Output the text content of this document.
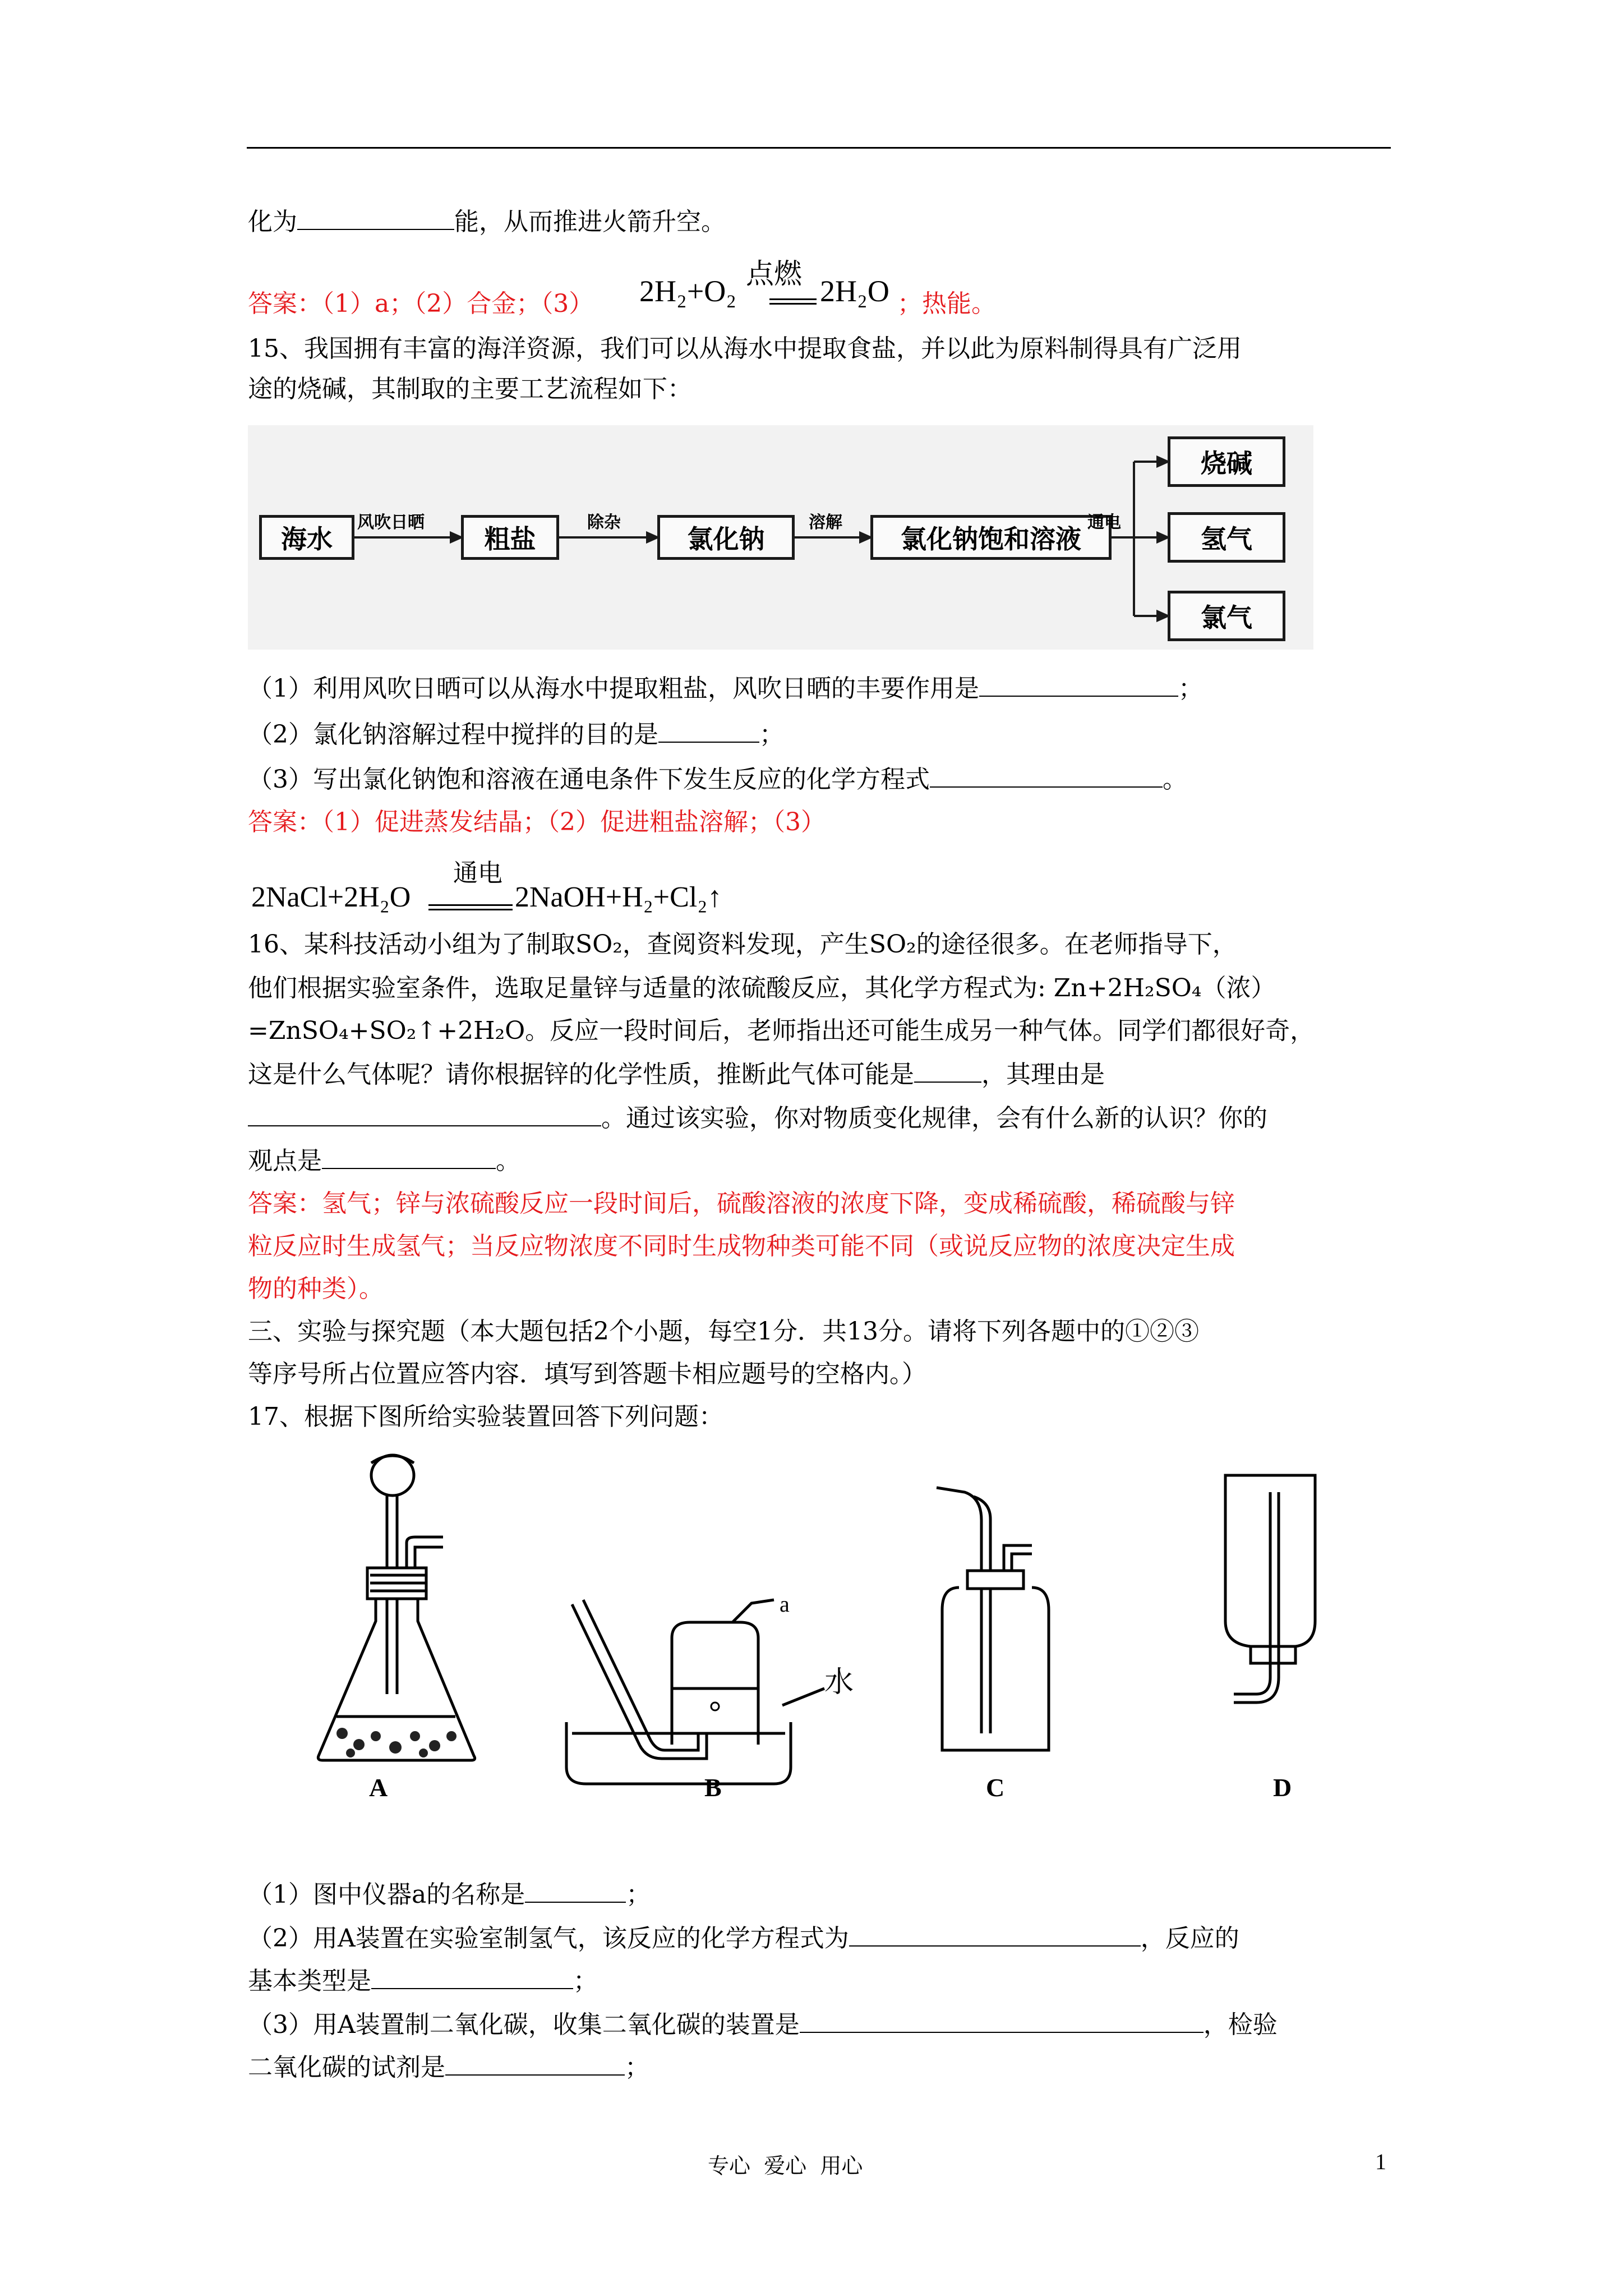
化为	能，从而推进火箭升空。
答案：（1）a；（2）合金；（3）
点燃
2H₂+O₂	2H₂O ；热能。
15、我国拥有丰富的海洋资源，我们可以从海水中提取食盐，并以此为原料制得具有广泛用
途的烧碱，其制取的主要工艺流程如下：
海水	粗盐	氯化钠	氯化钠饱和溶液
烧碱
氢气
氯气
风吹日晒	除杂	溶解	通电
（1）利用风吹日晒可以从海水中提取粗盐，风吹日晒的丰要作用是	；
（2）氯化钠溶解过程中搅拌的目的是	；
（3）写出氯化钠饱和溶液在通电条件下发生反应的化学方程式	。
答案：（1）促进蒸发结晶；（2）促进粗盐溶解；（3）
通电
2NaCl+2H₂O	2NaOH+H₂+Cl₂↑
16、某科技活动小组为了制取SO₂，查阅资料发现，产生SO₂的途径很多。在老师指导下，
他们根据实验室条件，选取足量锌与适量的浓硫酸反应，其化学方程式为: Zn+2H₂SO₄（浓）
=ZnSO₄+SO₂↑+2H₂O。反应一段时间后，老师指出还可能生成另一种气体。同学们都很好奇，
这是什么气体呢？请你根据锌的化学性质，推断此气体可能是	，其理由是
。通过该实验，你对物质变化规律，会有什么新的认识？你的
观点是	。
答案：氢气；锌与浓硫酸反应一段时间后，硫酸溶液的浓度下降，变成稀硫酸，稀硫酸与锌
粒反应时生成氢气；当反应物浓度不同时生成物种类可能不同（或说反应物的浓度决定生成
物的种类）。
三、实验与探究题（本大题包括2个小题，每空1分．共13分。请将下列各题中的①②③
等序号所占位置应答内容．填写到答题卡相应题号的空格内。）
17、根据下图所给实验装置回答下列问题：
a
水
A	B	C	D
（1）图中仪器a的名称是	；
（2）用A装置在实验室制氢气，该反应的化学方程式为	，反应的
基本类型是	；
（3）用A装置制二氧化碳，收集二氧化碳的装置是	，检验
二氧化碳的试剂是	；
专心  爱心  用心	1
